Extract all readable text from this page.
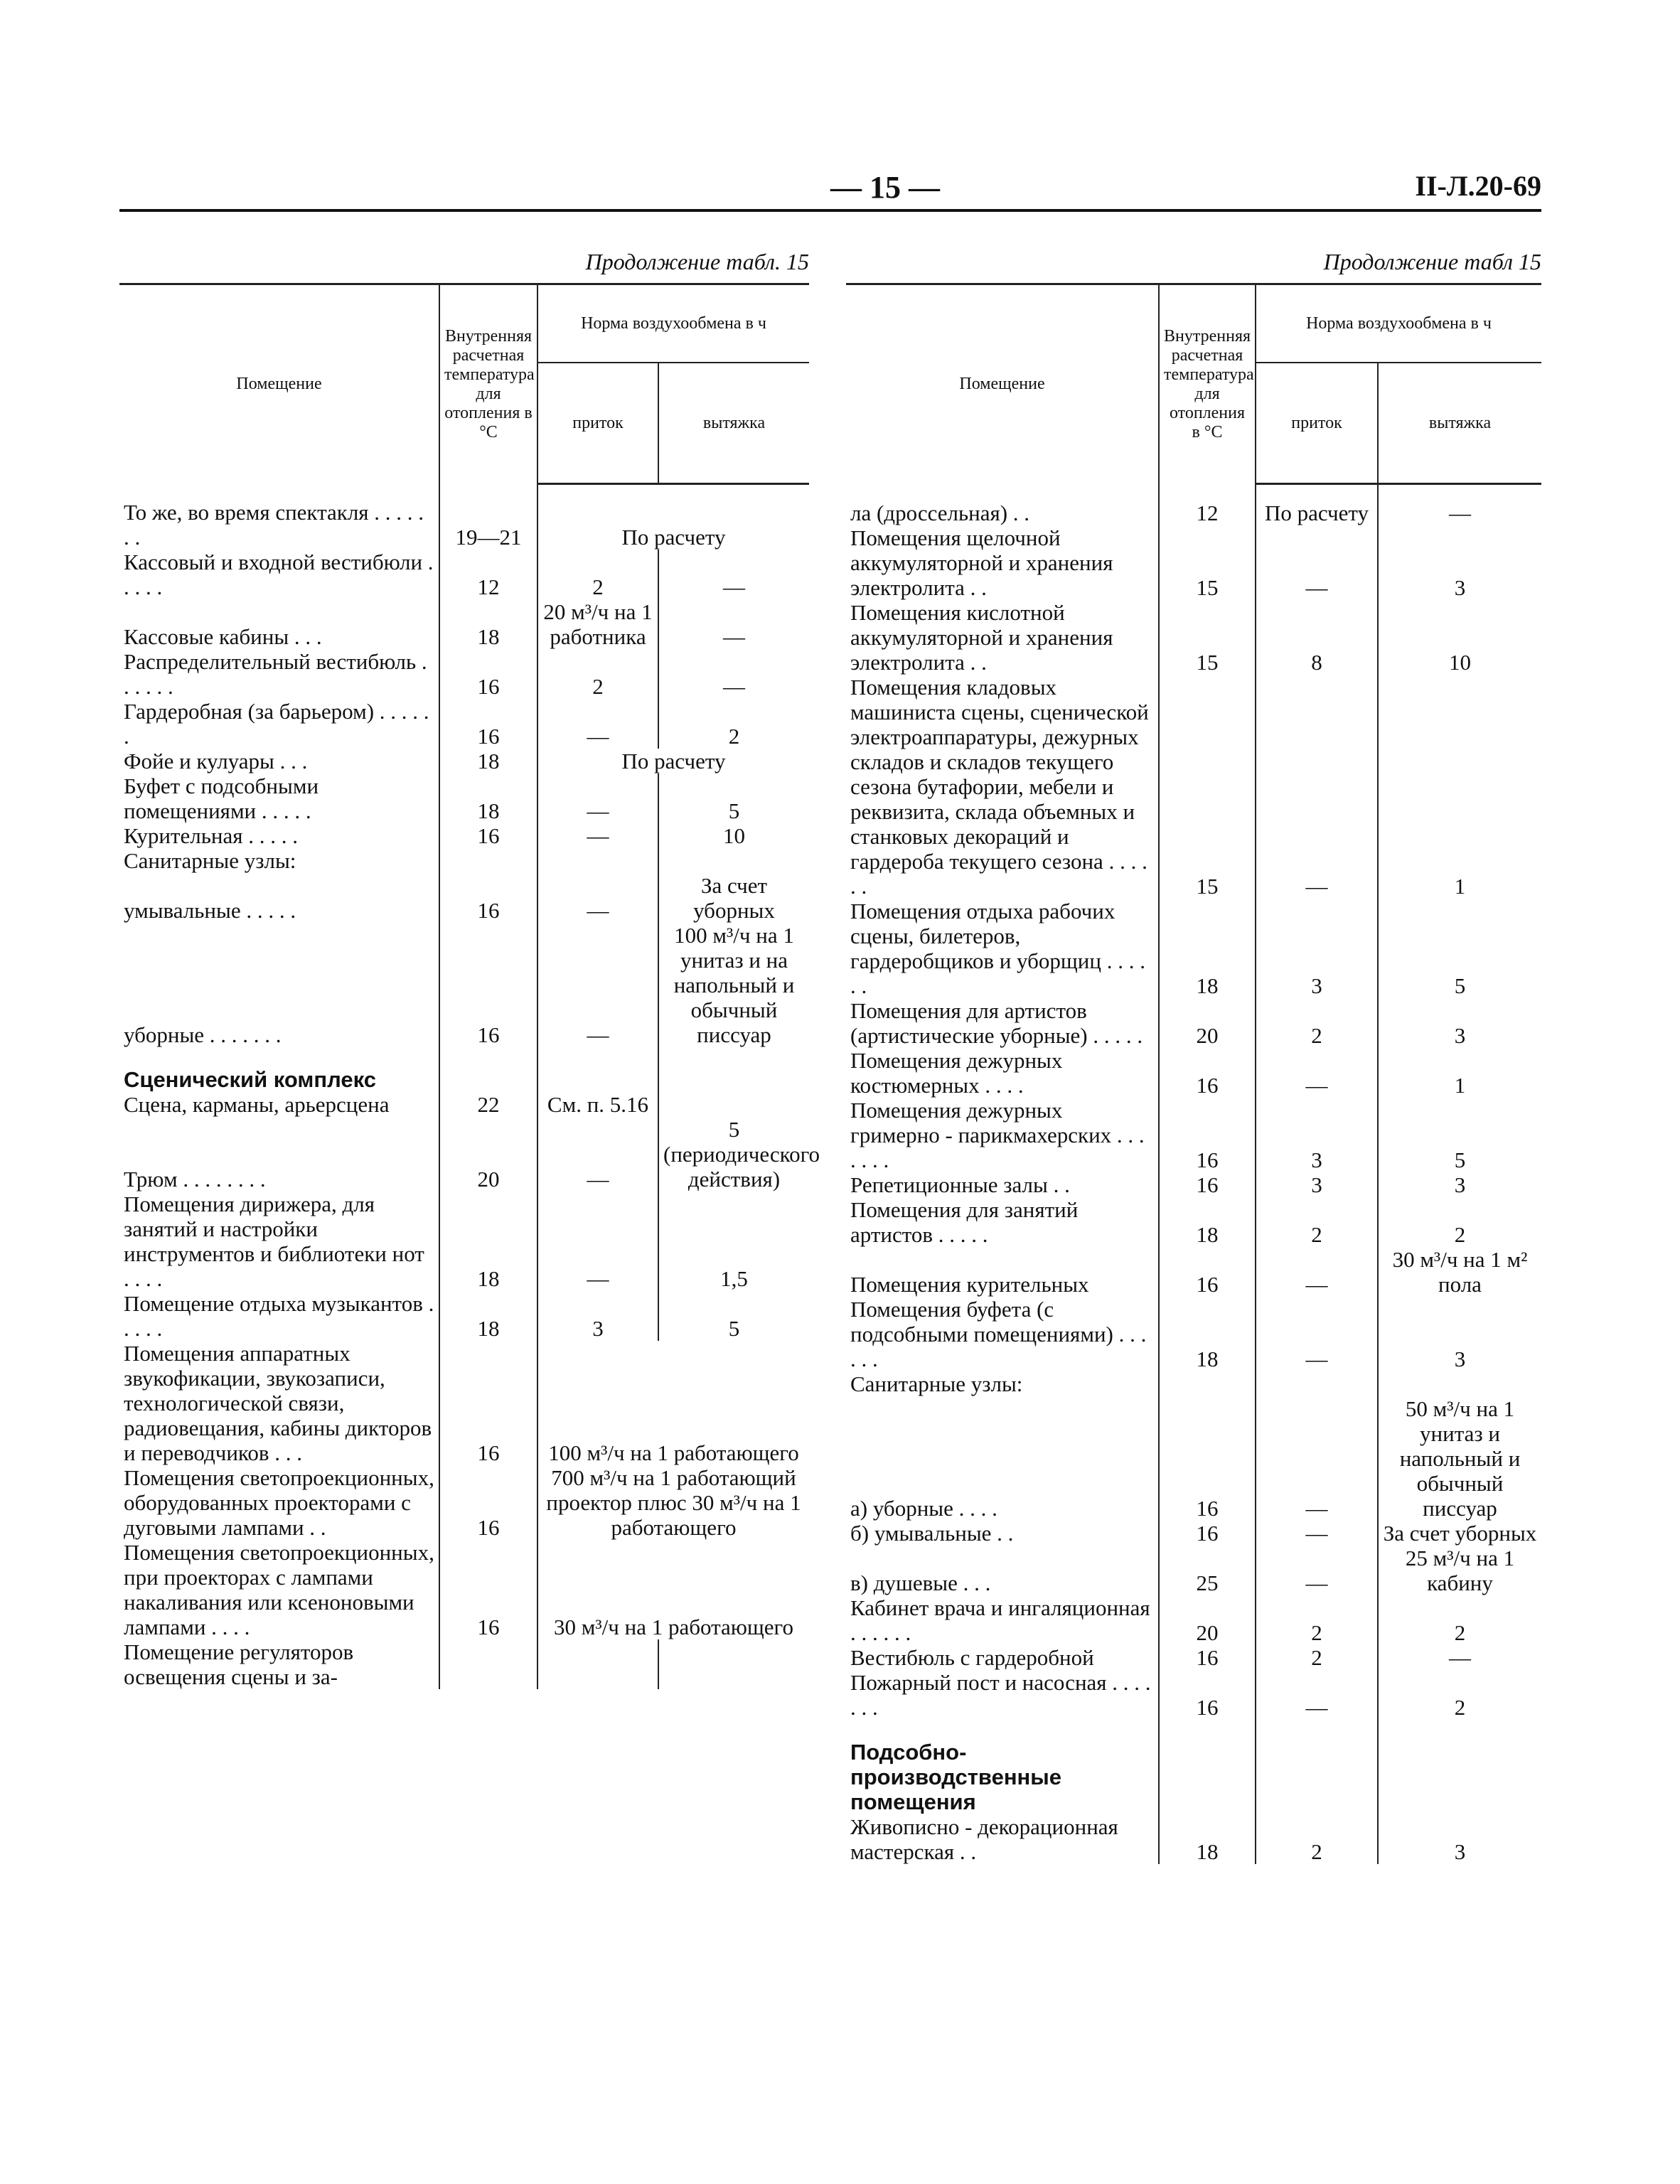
— 15 —	II-Л.20-69
Продолжение табл. 15
Помещение	Внутренняя расчетная температура для отопления в °С	Норма воздухообмена в ч	
		приток	вытяжка
То же, во время спектакля . . . . . . .	19—21	По расчету	
Кассовый и входной вестибюли . . . . .	12	2	—
Кассовые кабины . . .	18	20 м³/ч на 1 работника	—
Распределительный вестибюль . . . . . .	16	2	—
Гардеробная (за барьером) . . . . . .	16	—	2
Фойе и кулуары . . .	18	По расчету	
Буфет с подсобными помещениями . . . . .	18	—	5
Курительная . . . . .	16	—	10
Санитарные узлы:			
умывальные . . . . .	16	—	За счет уборных
уборные . . . . . . .	16	—	100 м³/ч на 1 унитаз и на напольный и обычный писсуар
Сценический комплекс			
Сцена, карманы, арьерсцена	22	См. п. 5.16	
Трюм . . . . . . . .	20	—	5 (периодического действия)
Помещения дирижера, для занятий и настройки инструментов и библиотеки нот . . . .	18	—	1,5
Помещение отдыха музыкантов . . . . .	18	3	5
Помещения аппаратных звукофикации, звукозаписи, технологической связи, радиовещания, кабины дикторов и переводчиков . . .	16	100 м³/ч на 1 работающего	
Помещения светопроекционных, оборудованных проекторами с дуговыми лампами . .	16	700 м³/ч на 1 работающий проектор плюс 30 м³/ч на 1 работающего	
Помещения светопроекционных, при проекторах с лампами накаливания или ксеноновыми лампами . . . .	16	30 м³/ч на 1 работающего	
Помещение регуляторов освещения сцены и за-			
Продолжение табл 15
Помещение	Внутренняя расчетная температура для отопления в °С	Норма воздухообмена в ч	
		приток	вытяжка
ла (дроссельная) . .	12	По расчету	—
Помещения щелочной аккумуляторной и хранения электролита . .	15	—	3
Помещения кислотной аккумуляторной и хранения электролита . .	15	8	10
Помещения кладовых машиниста сцены, сценической электроаппаратуры, дежурных складов и складов текущего сезона бутафории, мебели и реквизита, склада объемных и станковых декораций и гардероба текущего сезона . . . . . .	15	—	1
Помещения отдыха рабочих сцены, билетеров, гардеробщиков и уборщиц . . . . . .	18	3	5
Помещения для артистов (артистические уборные) . . . . .	20	2	3
Помещения дежурных костюмерных . . . .	16	—	1
Помещения дежурных гримерно - парикмахерских . . . . . . .	16	3	5
Репетиционные залы . .	16	3	3
Помещения для занятий артистов . . . . .	18	2	2
Помещения курительных	16	—	30 м³/ч на 1 м² пола
Помещения буфета (с подсобными помещениями) . . . . . .	18	—	3
Санитарные узлы:			
а) уборные . . . .	16	—	50 м³/ч на 1 унитаз и напольный и обычный писсуар
б) умывальные . .	16	—	За счет уборных
в) душевые . . .	25	—	25 м³/ч на 1 кабину
Кабинет врача и ингаляционная . . . . . .	20	2	2
Вестибюль с гардеробной	16	2	—
Пожарный пост и насосная . . . . . . .	16	—	2
Подсобно-производственные помещения			
Живописно - декорационная мастерская . .	18	2	3
